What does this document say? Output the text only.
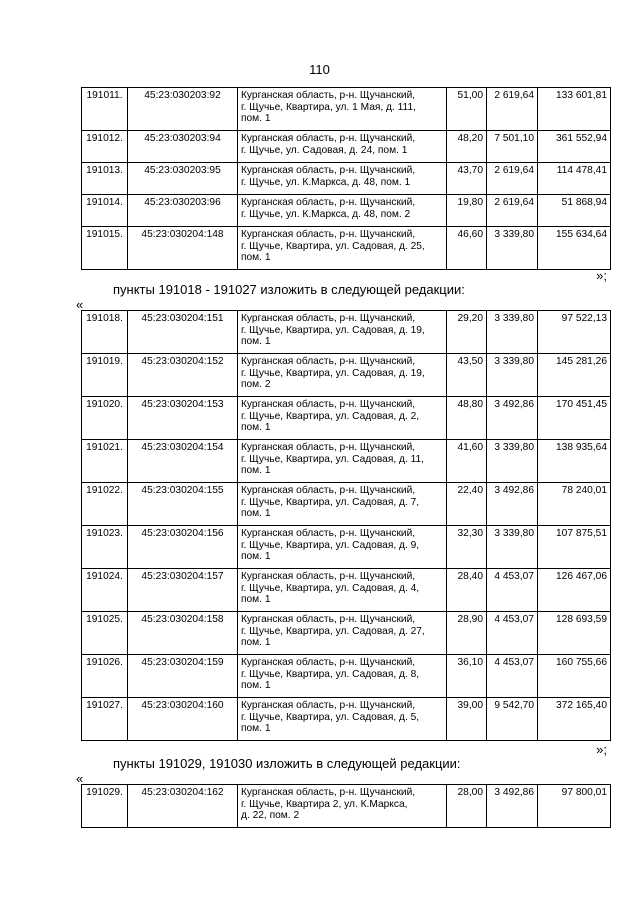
110
191011.	45:23:030203:92	Курганская область, р-н. Щучанский,
г. Щучье, Квартира, ул. 1 Мая, д. 111,
пом. 1	51,00	2 619,64	133 601,81
191012.	45:23:030203:94	Курганская область, р-н. Щучанский,
г. Щучье, ул. Садовая, д. 24, пом. 1	48,20	7 501,10	361 552,94
191013.	45:23:030203:95	Курганская область, р-н. Щучанский,
г. Щучье, ул. К.Маркса, д. 48, пом. 1	43,70	2 619,64	114 478,41
191014.	45:23:030203:96	Курганская область, р-н. Щучанский,
г. Щучье, ул. К.Маркса, д. 48, пом. 2	19,80	2 619,64	51 868,94
191015.	45:23:030204:148	Курганская область, р-н. Щучанский,
г. Щучье, Квартира, ул. Садовая, д. 25,
пом. 1	46,60	3 339,80	155 634,64
»;
пункты 191018 - 191027 изложить в следующей редакции:
«
191018.	45:23:030204:151	Курганская область, р-н. Щучанский,
г. Щучье, Квартира, ул. Садовая, д. 19,
пом. 1	29,20	3 339,80	97 522,13
191019.	45:23:030204:152	Курганская область, р-н. Щучанский,
г. Щучье, Квартира, ул. Садовая, д. 19,
пом. 2	43,50	3 339,80	145 281,26
191020.	45:23:030204:153	Курганская область, р-н. Щучанский,
г. Щучье, Квартира, ул. Садовая, д. 2,
пом. 1	48,80	3 492,86	170 451,45
191021.	45:23:030204:154	Курганская область, р-н. Щучанский,
г. Щучье, Квартира, ул. Садовая, д. 11,
пом. 1	41,60	3 339,80	138 935,64
191022.	45:23:030204:155	Курганская область, р-н. Щучанский,
г. Щучье, Квартира, ул. Садовая, д. 7,
пом. 1	22,40	3 492,86	78 240,01
191023.	45:23:030204:156	Курганская область, р-н. Щучанский,
г. Щучье, Квартира, ул. Садовая, д. 9,
пом. 1	32,30	3 339,80	107 875,51
191024.	45:23:030204:157	Курганская область, р-н. Щучанский,
г. Щучье, Квартира, ул. Садовая, д. 4,
пом. 1	28,40	4 453,07	126 467,06
191025.	45:23:030204:158	Курганская область, р-н. Щучанский,
г. Щучье, Квартира, ул. Садовая, д. 27,
пом. 1	28,90	4 453,07	128 693,59
191026.	45:23:030204:159	Курганская область, р-н. Щучанский,
г. Щучье, Квартира, ул. Садовая, д. 8,
пом. 1	36,10	4 453,07	160 755,66
191027.	45:23:030204:160	Курганская область, р-н. Щучанский,
г. Щучье, Квартира, ул. Садовая, д. 5,
пом. 1	39,00	9 542,70	372 165,40
»;
пункты 191029, 191030 изложить в следующей редакции:
«
191029.	45:23:030204:162	Курганская область, р-н. Щучанский,
г. Щучье, Квартира 2, ул. К.Маркса,
д. 22, пом. 2
	28,00	3 492,86	97 800,01
